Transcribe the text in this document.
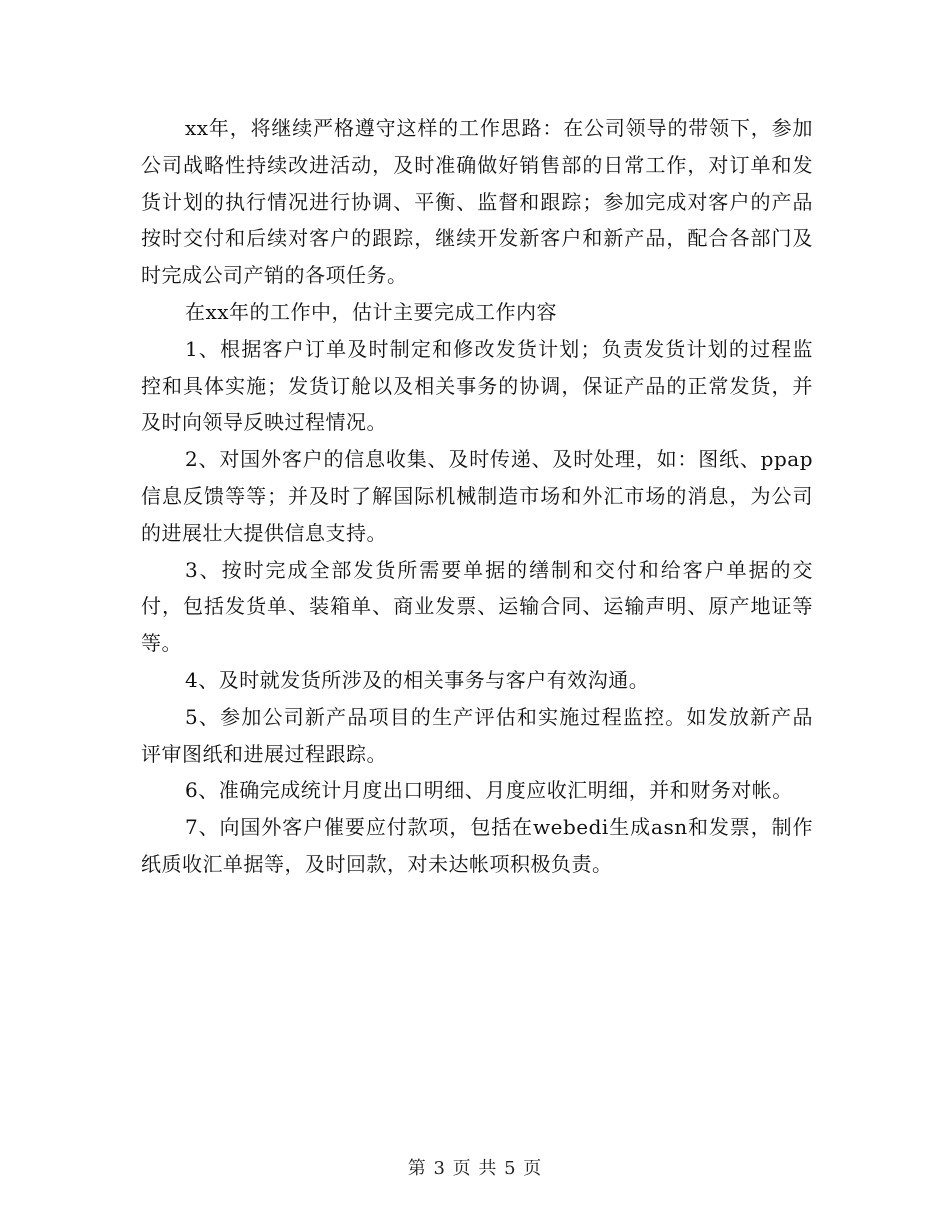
xx年，将继续严格遵守这样的工作思路：在公司领导的带领下，参加公司战略性持续改进活动，及时准确做好销售部的日常工作，对订单和发货计划的执行情况进行协调、平衡、监督和跟踪；参加完成对客户的产品按时交付和后续对客户的跟踪，继续开发新客户和新产品，配合各部门及时完成公司产销的各项任务。

在xx年的工作中，估计主要完成工作内容

1、根据客户订单及时制定和修改发货计划；负责发货计划的过程监控和具体实施；发货订舱以及相关事务的协调，保证产品的正常发货，并及时向领导反映过程情况。

2、对国外客户的信息收集、及时传递、及时处理，如：图纸、ppap信息反馈等等；并及时了解国际机械制造市场和外汇市场的消息，为公司的进展壮大提供信息支持。

3、按时完成全部发货所需要单据的缮制和交付和给客户单据的交付，包括发货单、装箱单、商业发票、运输合同、运输声明、原产地证等等。

4、及时就发货所涉及的相关事务与客户有效沟通。

5、参加公司新产品项目的生产评估和实施过程监控。如发放新产品评审图纸和进展过程跟踪。

6、准确完成统计月度出口明细、月度应收汇明细，并和财务对帐。

7、向国外客户催要应付款项，包括在webedi生成asn和发票，制作纸质收汇单据等，及时回款，对未达帐项积极负责。

第 3 页 共 5 页
